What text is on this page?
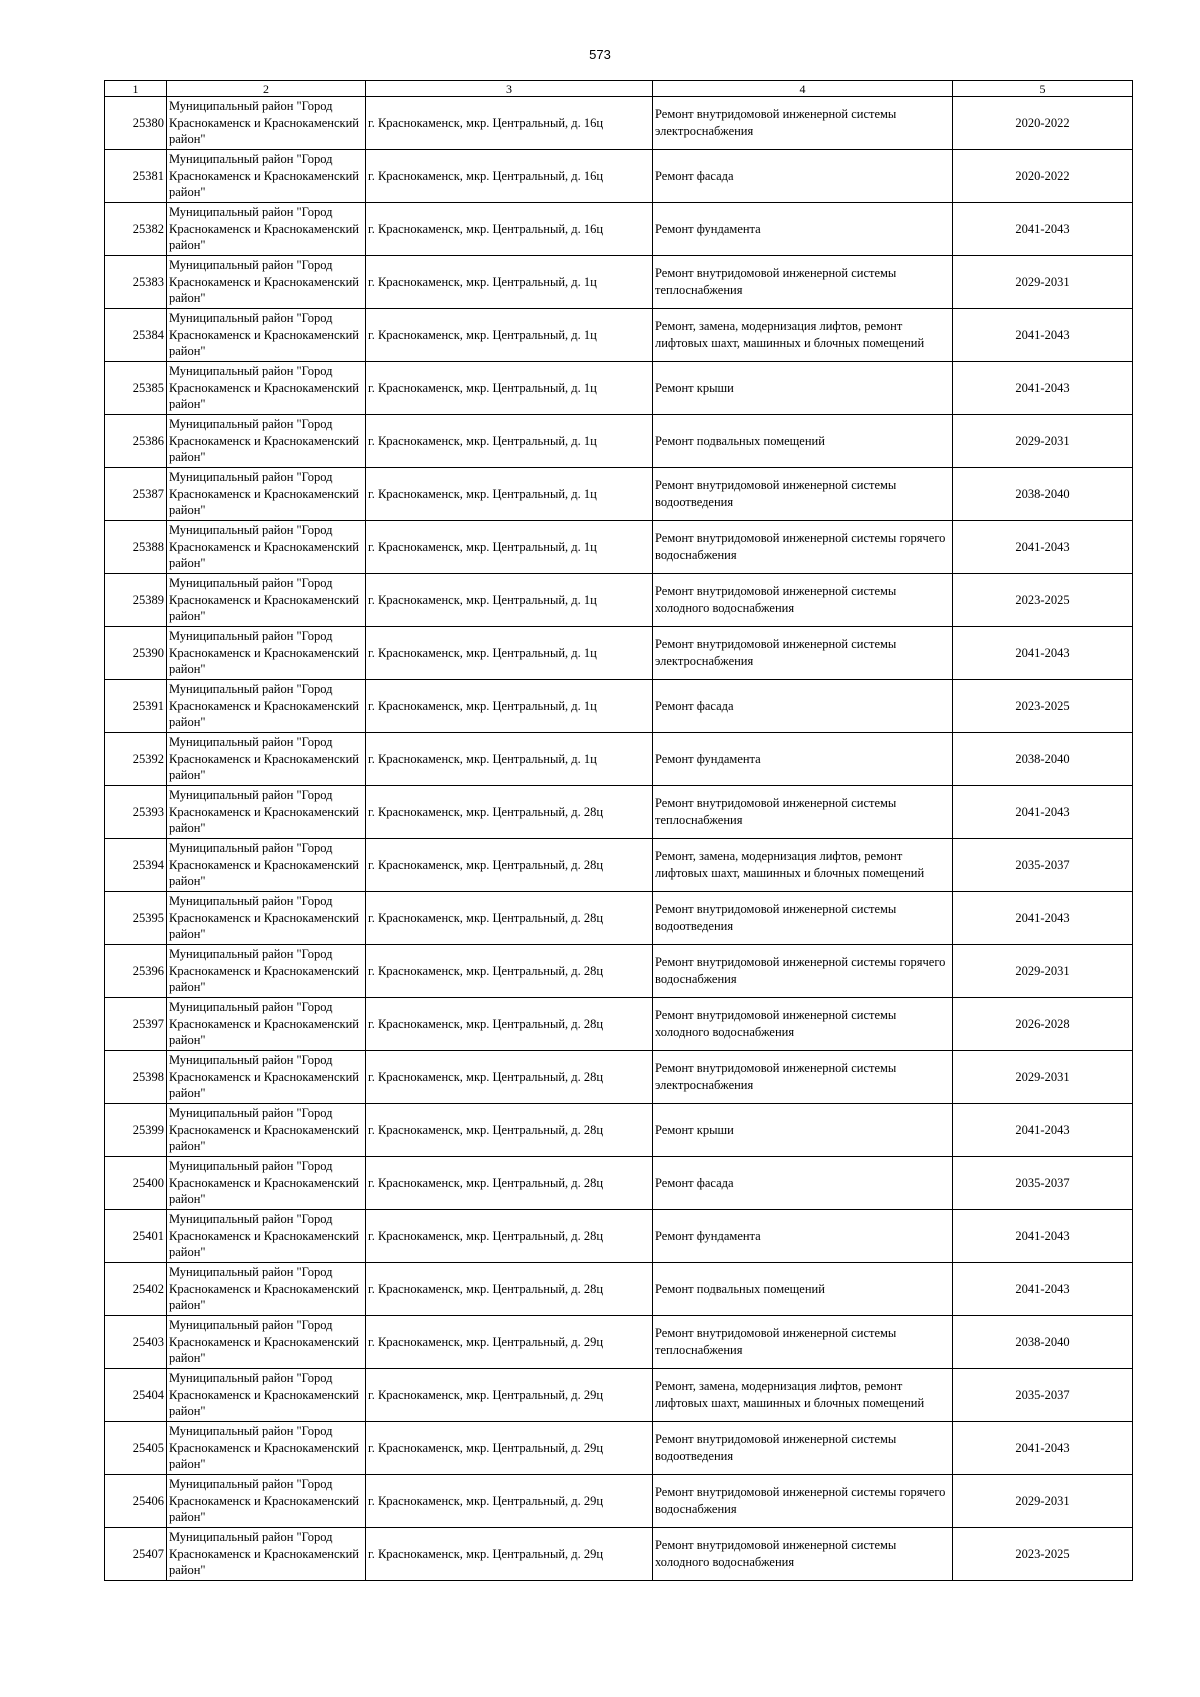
573
1	2	3	4	5
25380	Муниципальный район "Город Краснокаменск и Краснокаменский район"	г. Краснокаменск, мкр. Центральный, д. 16ц	Ремонт внутридомовой инженерной системы электроснабжения	2020-2022
25381	Муниципальный район "Город Краснокаменск и Краснокаменский район"	г. Краснокаменск, мкр. Центральный, д. 16ц	Ремонт фасада	2020-2022
25382	Муниципальный район "Город Краснокаменск и Краснокаменский район"	г. Краснокаменск, мкр. Центральный, д. 16ц	Ремонт фундамента	2041-2043
25383	Муниципальный район "Город Краснокаменск и Краснокаменский район"	г. Краснокаменск, мкр. Центральный, д. 1ц	Ремонт внутридомовой инженерной системы теплоснабжения	2029-2031
25384	Муниципальный район "Город Краснокаменск и Краснокаменский район"	г. Краснокаменск, мкр. Центральный, д. 1ц	Ремонт, замена, модернизация лифтов, ремонт лифтовых шахт, машинных и блочных помещений	2041-2043
25385	Муниципальный район "Город Краснокаменск и Краснокаменский район"	г. Краснокаменск, мкр. Центральный, д. 1ц	Ремонт крыши	2041-2043
25386	Муниципальный район "Город Краснокаменск и Краснокаменский район"	г. Краснокаменск, мкр. Центральный, д. 1ц	Ремонт подвальных помещений	2029-2031
25387	Муниципальный район "Город Краснокаменск и Краснокаменский район"	г. Краснокаменск, мкр. Центральный, д. 1ц	Ремонт внутридомовой инженерной системы водоотведения	2038-2040
25388	Муниципальный район "Город Краснокаменск и Краснокаменский район"	г. Краснокаменск, мкр. Центральный, д. 1ц	Ремонт внутридомовой инженерной системы горячего водоснабжения	2041-2043
25389	Муниципальный район "Город Краснокаменск и Краснокаменский район"	г. Краснокаменск, мкр. Центральный, д. 1ц	Ремонт внутридомовой инженерной системы холодного водоснабжения	2023-2025
25390	Муниципальный район "Город Краснокаменск и Краснокаменский район"	г. Краснокаменск, мкр. Центральный, д. 1ц	Ремонт внутридомовой инженерной системы электроснабжения	2041-2043
25391	Муниципальный район "Город Краснокаменск и Краснокаменский район"	г. Краснокаменск, мкр. Центральный, д. 1ц	Ремонт фасада	2023-2025
25392	Муниципальный район "Город Краснокаменск и Краснокаменский район"	г. Краснокаменск, мкр. Центральный, д. 1ц	Ремонт фундамента	2038-2040
25393	Муниципальный район "Город Краснокаменск и Краснокаменский район"	г. Краснокаменск, мкр. Центральный, д. 28ц	Ремонт внутридомовой инженерной системы теплоснабжения	2041-2043
25394	Муниципальный район "Город Краснокаменск и Краснокаменский район"	г. Краснокаменск, мкр. Центральный, д. 28ц	Ремонт, замена, модернизация лифтов, ремонт лифтовых шахт, машинных и блочных помещений	2035-2037
25395	Муниципальный район "Город Краснокаменск и Краснокаменский район"	г. Краснокаменск, мкр. Центральный, д. 28ц	Ремонт внутридомовой инженерной системы водоотведения	2041-2043
25396	Муниципальный район "Город Краснокаменск и Краснокаменский район"	г. Краснокаменск, мкр. Центральный, д. 28ц	Ремонт внутридомовой инженерной системы горячего водоснабжения	2029-2031
25397	Муниципальный район "Город Краснокаменск и Краснокаменский район"	г. Краснокаменск, мкр. Центральный, д. 28ц	Ремонт внутридомовой инженерной системы холодного водоснабжения	2026-2028
25398	Муниципальный район "Город Краснокаменск и Краснокаменский район"	г. Краснокаменск, мкр. Центральный, д. 28ц	Ремонт внутридомовой инженерной системы электроснабжения	2029-2031
25399	Муниципальный район "Город Краснокаменск и Краснокаменский район"	г. Краснокаменск, мкр. Центральный, д. 28ц	Ремонт крыши	2041-2043
25400	Муниципальный район "Город Краснокаменск и Краснокаменский район"	г. Краснокаменск, мкр. Центральный, д. 28ц	Ремонт фасада	2035-2037
25401	Муниципальный район "Город Краснокаменск и Краснокаменский район"	г. Краснокаменск, мкр. Центральный, д. 28ц	Ремонт фундамента	2041-2043
25402	Муниципальный район "Город Краснокаменск и Краснокаменский район"	г. Краснокаменск, мкр. Центральный, д. 28ц	Ремонт подвальных помещений	2041-2043
25403	Муниципальный район "Город Краснокаменск и Краснокаменский район"	г. Краснокаменск, мкр. Центральный, д. 29ц	Ремонт внутридомовой инженерной системы теплоснабжения	2038-2040
25404	Муниципальный район "Город Краснокаменск и Краснокаменский район"	г. Краснокаменск, мкр. Центральный, д. 29ц	Ремонт, замена, модернизация лифтов, ремонт лифтовых шахт, машинных и блочных помещений	2035-2037
25405	Муниципальный район "Город Краснокаменск и Краснокаменский район"	г. Краснокаменск, мкр. Центральный, д. 29ц	Ремонт внутридомовой инженерной системы водоотведения	2041-2043
25406	Муниципальный район "Город Краснокаменск и Краснокаменский район"	г. Краснокаменск, мкр. Центральный, д. 29ц	Ремонт внутридомовой инженерной системы горячего водоснабжения	2029-2031
25407	Муниципальный район "Город Краснокаменск и Краснокаменский район"	г. Краснокаменск, мкр. Центральный, д. 29ц	Ремонт внутридомовой инженерной системы холодного водоснабжения	2023-2025
